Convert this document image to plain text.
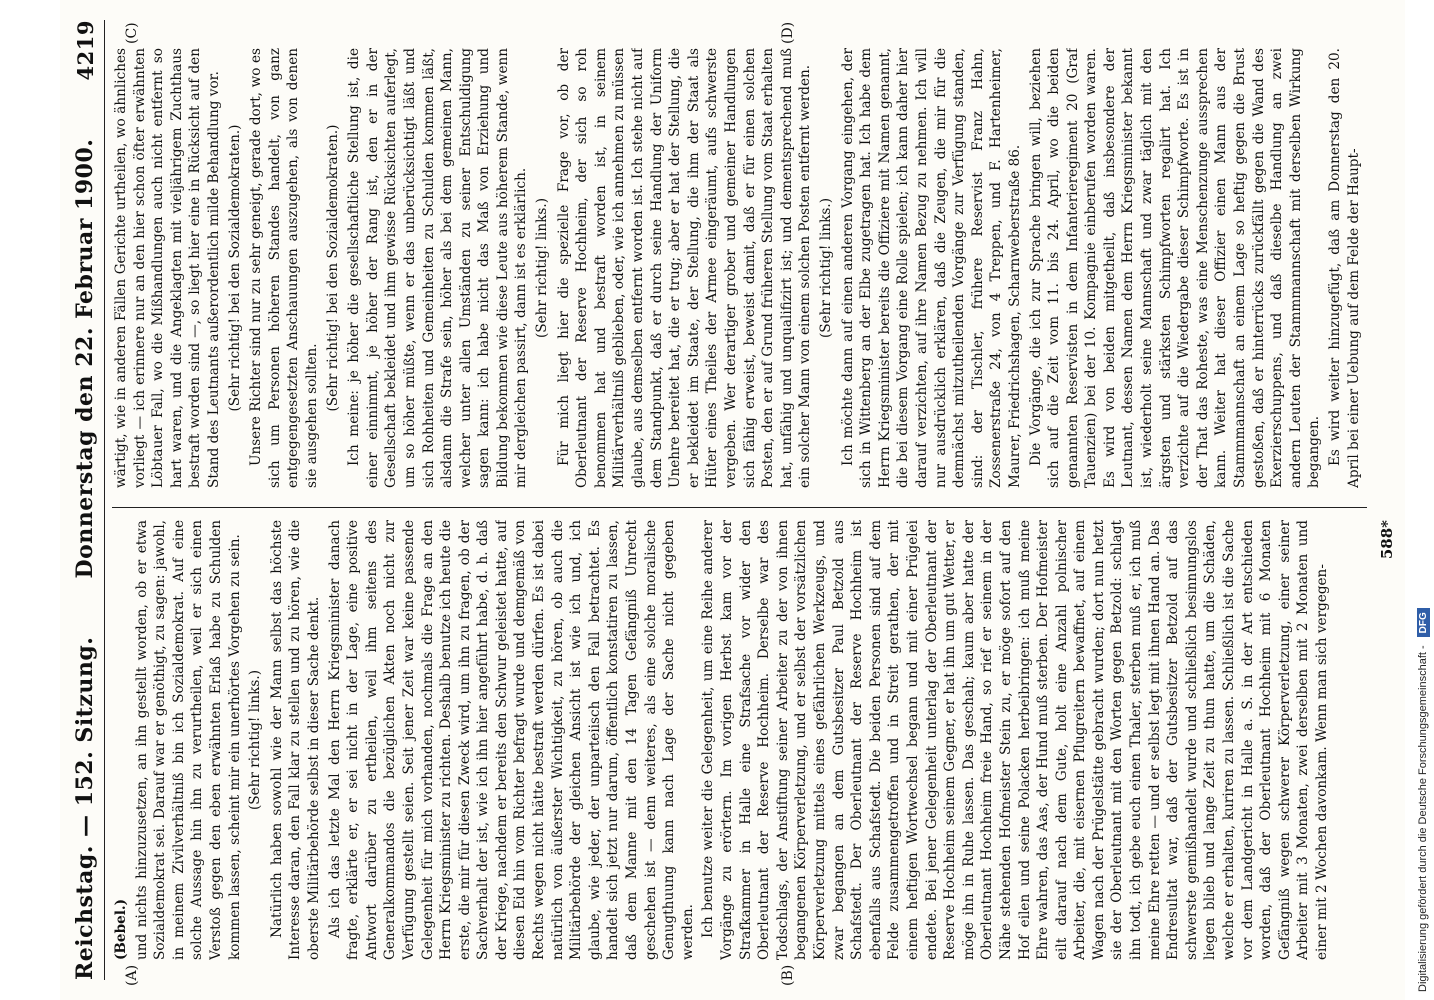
Reichstag. — 152. Sitzung.
Donnerstag den 22. Februar 1900.
4219

(Bebel.) und nichts hinzuzusetzen, an ihn gestellt worden, ob er etwa Sozialdemokrat sei. Darauf war er genöthigt, zu sagen: jawohl, in meinem Zivilverhältniß bin ich Sozialdemokrat. Auf eine solche Aussage hin ihn zu verurtheilen, weil er sich einen Verstoß gegen den eben erwähnten Erlaß habe zu Schulden kommen lassen, scheint mir ein unerhörtes Vorgehen zu sein. (Sehr richtig! links.) Natürlich haben sowohl wie der Mann selbst das höchste Interesse daran, den Fall klar zu stellen und zu hören, wie die oberste Militärbehörde selbst in dieser Sache denkt. Als ich das letzte Mal den Herrn Kriegsminister danach fragte, erklärte er, er sei nicht in der Lage, eine positive Antwort darüber zu ertheilen, weil ihm seitens des Generalkommandos die bezüglichen Akten noch nicht zur Verfügung gestellt seien. Seit jener Zeit war keine passende Gelegenheit für mich vorhanden, nochmals die Frage an den Herrn Kriegsminister zu richten. Deshalb benutze ich heute die erste, die mir für diesen Zweck wird, um ihn zu fragen, ob der Sachverhalt der ist, wie ich ihn hier angeführt habe, d. h. daß der Kriege, nachdem er bereits den Schwur geleistet hatte, auf diesen Eid hin vom Richter befragt wurde und demgemäß von Rechts wegen nicht hätte bestraft werden dürfen. Es ist dabei natürlich von äußerster Wichtigkeit, zu hören, ob auch die Militärbehörde der gleichen Ansicht ist wie ich und, ich glaube, wie jeder, der unparteiisch den Fall betrachtet. Es handelt sich jetzt nur darum, öffentlich konstatiren zu lassen, daß dem Manne mit den 14 Tagen Gefängniß Unrecht geschehen ist — denn weiteres, als eine solche moralische Genugthuung kann nach Lage der Sache nicht gegeben werden. Ich benutze weiter die Gelegenheit, um eine Reihe anderer Vorgänge zu erörtern. Im vorigen Herbst kam vor der Strafkammer in Halle eine Strafsache vor wider den Oberleutnant der Reserve Hochheim. Derselbe war des Todschlags, der Anstiftung seiner Arbeiter zu der von ihnen begangenen Körperverletzung, und er selbst der vorsätzlichen Körperverletzung mittels eines gefährlichen Werkzeugs, und zwar begangen an dem Gutsbesitzer Paul Betzold aus Schafstedt. Der Oberleutnant der Reserve Hochheim ist ebenfalls aus Schafstedt. Die beiden Personen sind auf dem Felde zusammengetroffen und in Streit gerathen, der mit einem heftigen Wortwechsel begann und mit einer Prügelei endete. Bei jener Gelegenheit unterlag der Oberleutnant der Reserve Hochheim seinem Gegner, er hat ihn um gut Wetter, er möge ihn in Ruhe lassen. Das geschah; kaum aber hatte der Oberleutnant Hochheim freie Hand, so rief er seinem in der Nähe stehenden Hofmeister Stein zu, er möge sofort auf den Hof eilen und seine Polacken herbeibringen: ich muß meine Ehre wahren, das Aas, der Hund muß sterben. Der Hofmeister eilt darauf nach dem Gute, holt eine Anzahl polnischer Arbeiter, die, mit eisernen Pflugreitern bewaffnet, auf einem Wagen nach der Prügelstätte gebracht wurden; dort nun hetzt sie der Oberleutnant mit den Worten gegen Betzold: schlagt ihn todt, ich gebe euch einen Thaler, sterben muß er, ich muß meine Ehre retten — und er selbst legt mit ihnen Hand an. Das Endresultat war, daß der Gutsbesitzer Betzold auf das schwerste gemißhandelt wurde und schließlich besinnungslos liegen blieb und lange Zeit zu thun hatte, um die Schäden, welche er erhalten, kuriren zu lassen. Schließlich ist die Sache vor dem Landgericht in Halle a. S. in der Art entschieden worden, daß der Oberleutnant Hochheim mit 6 Monaten Gefängniß wegen schwerer Körperverletzung, einer seiner Arbeiter mit 3 Monaten, zwei derselben mit 2 Monaten und einer mit 2 Wochen davonkam. Wenn man sich vergegen-

wärtigt, wie in anderen Fällen Gerichte urtheilen, wo ähnliches vorliegt — ich erinnere nur an den hier schon öfter erwähnten Löbtauer Fall, wo die Mißhandlungen auch nicht entfernt so hart waren, und die Angeklagten mit vieljährigem Zuchthaus bestraft worden sind —, so liegt hier eine in Rücksicht auf den Stand des Leutnants außerordentlich milde Behandlung vor. (Sehr richtig! bei den Sozialdemokraten.) Unsere Richter sind nur zu sehr geneigt, gerade dort, wo es sich um Personen höheren Standes handelt, von ganz entgegengesetzten Anschauungen auszugehen, als von denen sie ausgehen sollten.

(Sehr richtig! bei den Sozialdemokraten.) Ich meine: je höher die gesellschaftliche Stellung ist, die einer einnimmt, je höher der Rang ist, den er in der Gesellschaft bekleidet und ihm gewisse Rücksichten auferlegt, um so höher müßte, wenn er das unberücksichtigt läßt und sich Rohheiten und Gemeinheiten zu Schulden kommen läßt, alsdann die Strafe sein, höher als bei dem gemeinen Mann, welcher unter allen Umständen zu seiner Entschuldigung sagen kann: ich habe nicht das Maß von Erziehung und Bildung bekommen wie diese Leute aus höherem Stande, wenn mir dergleichen passirt, dann ist es erklärlich. (Sehr richtig! links.) Für mich liegt hier die spezielle Frage vor, ob der Oberleutnant der Reserve Hochheim, der sich so roh benommen hat und bestraft worden ist, in seinem Militärverhältniß geblieben, oder, wie ich annehmen zu müssen glaube, aus demselben entfernt worden ist. Ich stehe nicht auf dem Standpunkt, daß er durch seine Handlung der Uniform Unehre bereitet hat, die er trug; aber er hat der Stellung, die er bekleidet im Staate, der Stellung, die ihm der Staat als Hüter eines Theiles der Armee eingeräumt, aufs schwerste vergeben. Wer derartiger grober und gemeiner Handlungen sich fähig erweist, beweist damit, daß er für einen solchen Posten, den er auf Grund früheren Stellung vom Staat erhalten hat, unfähig und unqualifizirt ist; und dementsprechend muß ein solcher Mann von einem solchen Posten entfernt werden. (Sehr richtig! links.) Ich möchte dann auf einen anderen Vorgang eingehen, der sich in Wittenberg an der Elbe zugetragen hat. Ich habe dem Herrn Kriegsminister bereits die Offiziere mit Namen genannt, die bei diesem Vorgang eine Rolle spielen; ich kann daher hier darauf verzichten, auf ihre Namen Bezug zu nehmen. Ich will nur ausdrücklich erklären, daß die Zeugen, die mir für die demnächst mitzutheilenden Vorgänge zur Verfügung standen, sind: der Tischler, frühere Reservist Franz Hahn, Zossenerstraße 24, von 4 Treppen, und F. Hartenheimer, Maurer, Friedrichshagen, Scharnweberstraße 86. Die Vorgänge, die ich zur Sprache bringen will, beziehen sich auf die Zeit vom 11. bis 24. April, wo die beiden genannten Reservisten in dem Infanterieregiment 20 (Graf Tauenzien) bei der 10. Kompagnie einberufen worden waren. Es wird von beiden mitgetheilt, daß insbesondere der Leutnant, dessen Namen dem Herrn Kriegsminister bekannt ist, wiederholt seine Mannschaft und zwar täglich mit den ärgsten und stärksten Schimpfworten regalirt hat. Ich verzichte auf die Wiedergabe dieser Schimpfworte. Es ist in der That das Roheste, was eine Menschenzunge aussprechen kann. Weiter hat dieser Offizier einen Mann aus der Stammmannschaft an einem Lage so heftig gegen die Brust gestoßen, daß er hinterrücks zurückfällt gegen die Wand des Exerzierschuppens, und daß dieselbe Handlung an zwei andern Leuten der Stammmannschaft mit derselben Wirkung begangen. Es wird weiter hinzugefügt, daß am Donnerstag den 20. April bei einer Uebung auf dem Felde der Haupt-

(A)	(B)
(C)	(D)
588*
Digitalisierung gefördert durch die Deutsche Forschungsgemeinschaft -
DFG
